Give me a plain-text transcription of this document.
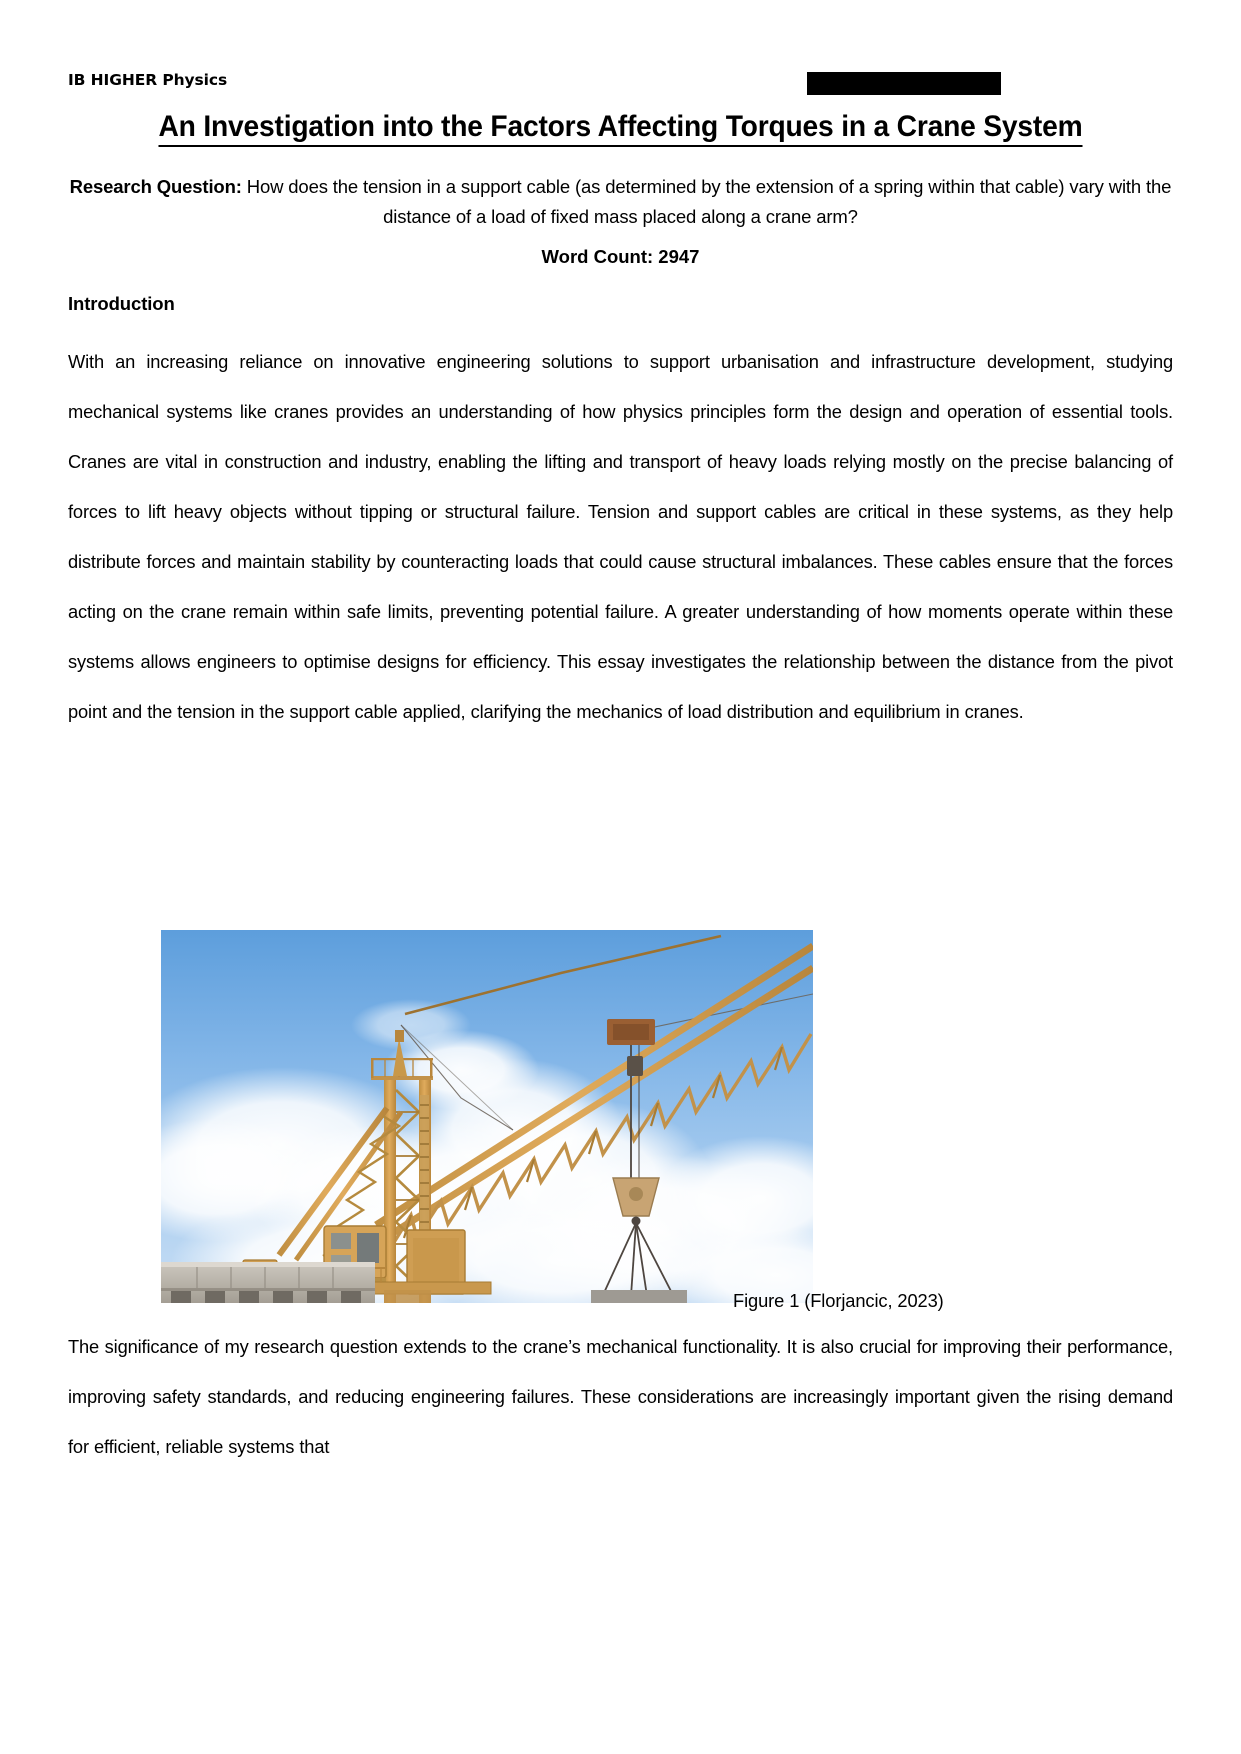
IB HIGHER Physics
An Investigation into the Factors Affecting Torques in a Crane System
Research Question: How does the tension in a support cable (as determined by the extension of a spring within that cable) vary with the distance of a load of fixed mass placed along a crane arm?
Word Count: 2947
Introduction
With an increasing reliance on innovative engineering solutions to support urbanisation and infrastructure development, studying mechanical systems like cranes provides an understanding of how physics principles form the design and operation of essential tools. Cranes are vital in construction and industry, enabling the lifting and transport of heavy loads relying mostly on the precise balancing of forces to lift heavy objects without tipping or structural failure. Tension and support cables are critical in these systems, as they help distribute forces and maintain stability by counteracting loads that could cause structural imbalances. These cables ensure that the forces acting on the crane remain within safe limits, preventing potential failure. A greater understanding of how moments operate within these systems allows engineers to optimise designs for efficiency. This essay investigates the relationship between the distance from the pivot point and the tension in the support cable applied, clarifying the mechanics of load distribution and equilibrium in cranes.
Figure 1 (Florjancic, 2023)
The significance of my research question extends to the crane’s mechanical functionality. It is also crucial for improving their performance, improving safety standards, and reducing engineering failures. These considerations are increasingly important given the rising demand for efficient, reliable systems that
